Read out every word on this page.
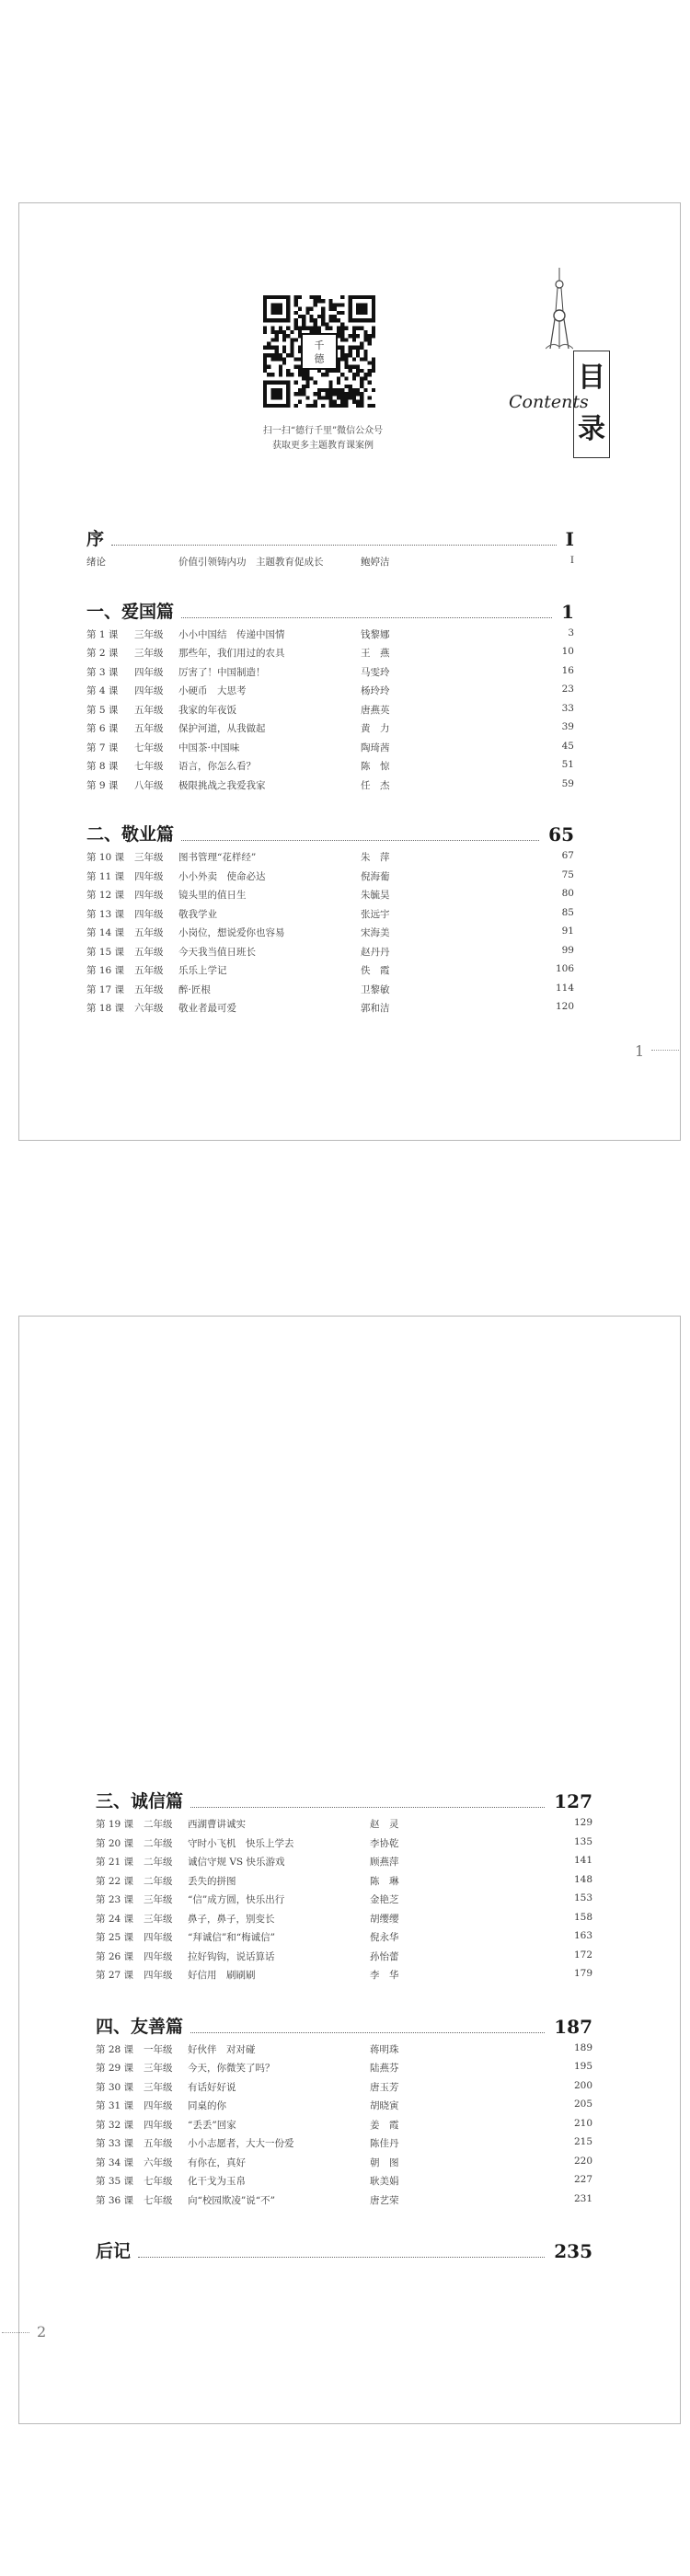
千
德
扫一扫“德行千里”微信公众号
获取更多主题教育课案例
目
录
Contents
序	I
绪论	价值引领铸内功　主题教育促成长	鲍婷洁	I
一、爱国篇	1
第 1 课 三年级 小小中国结　传递中国情	钱黎娜	3
第 2 课 三年级 那些年，我们用过的农具	王　燕	10
第 3 课 四年级 厉害了！中国制造！	马雯玲	16
第 4 课 四年级 小硬币　大思考	杨玲玲	23
第 5 课 五年级 我家的年夜饭	唐燕英	33
第 6 课 五年级 保护河道，从我做起	黄　力	39
第 7 课 七年级 中国茶·中国味	陶琦茜	45
第 8 课 七年级 语言，你怎么看？	陈　惊	51
第 9 课 八年级 极限挑战之我爱我家	任　杰	59
二、敬业篇	65
第 10 课 三年级 图书管理“花样经”	朱　萍	67
第 11 课 四年级 小小外卖　使命必达	倪海葡	75
第 12 课 四年级 镜头里的值日生	朱毓昊	80
第 13 课 四年级 敬我学业	张远宇	85
第 14 课 五年级 小岗位，想说爱你也容易	宋海美	91
第 15 课 五年级 今天我当值日班长	赵丹丹	99
第 16 课 五年级 乐乐上学记	佚　霞	106
第 17 课 五年级 醉·匠根	卫黎敏	114
第 18 课 六年级 敬业者最可爱	郭和洁	120
1
三、诚信篇	127
第 19 课 二年级 西湖曹讲诚实	赵　灵	129
第 20 课 二年级 守时小飞机　快乐上学去	李协乾	135
第 21 课 二年级 诚信守规 VS 快乐游戏	顾燕萍	141
第 22 课 二年级 丢失的拼图	陈　琳	148
第 23 课 三年级 “信”成方圆，快乐出行	金艳芝	153
第 24 课 三年级 鼻子，鼻子，别变长	胡缨缨	158
第 25 课 四年级 “拜诚信”和“梅诚信”	倪永华	163
第 26 课 四年级 拉好钩钩，说话算话	孙怡蕾	172
第 27 课 四年级 好信用　刷刷刷	李　华	179
四、友善篇	187
第 28 课 一年级 好伙伴　对对碰	蒋明珠	189
第 29 课 三年级 今天，你微笑了吗？	陆燕芬	195
第 30 课 三年级 有话好好说	唐玉芳	200
第 31 课 四年级 同桌的你	胡晓寅	205
第 32 课 四年级 “丢丢”回家	姜　霞	210
第 33 课 五年级 小小志愿者，大大一份爱	陈佳丹	215
第 34 课 六年级 有你在，真好	朝　图	220
第 35 课 七年级 化干戈为玉帛	耿美娟	227
第 36 课 七年级 向“校园欺凌”说“不”	唐艺荣	231
后记	235
2
